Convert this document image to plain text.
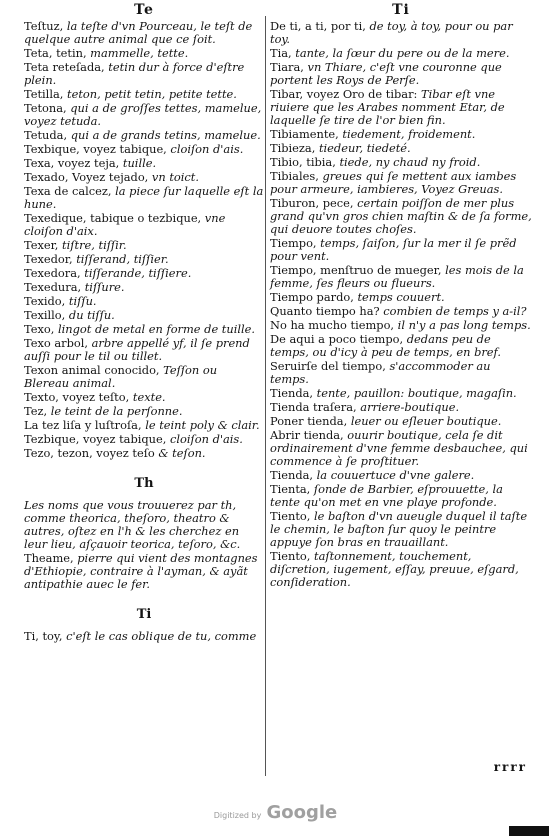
Te
Teſtuz, la teſte d'vn Pourceau, le teſt de quelque autre animal que ce ſoit.
Teta, tetin, mammelle, tette.
Teta reteſada, tetin dur à force d'eſtre plein.
Tetilla, teton, petit tetin, petite tette.
Tetona, qui a de groſſes tettes, mamelue, voyez tetuda.
Tetuda, qui a de grands tetins, mamelue.
Texbique, voyez tabique, cloiſon d'ais.
Texa, voyez teja, tuille.
Texado, Voyez tejado, vn toict.
Texa de calcez, la piece ſur laquelle eſt la hune.
Texedique, tabique o tezbique, vne cloiſon d'aix.
Texer, tiſtre, tiſſir.
Texedor, tiſſerand, tiſſier.
Texedora, tiſſerande, tiſſiere.
Texedura, tiſſure.
Texido, tiſſu.
Texillo, du tiſſu.
Texo, lingot de metal en forme de tuille.
Texo arbol, arbre appellé yf, il ſe prend auſſi pour le til ou tillet.
Texon animal conocido, Teſſon ou Blereau animal.
Texto, voyez teſto, texte.
Tez, le teint de la perſonne.
La tez liſa y luſtroſa, le teint poly & clair.
Tezbique, voyez tabique, cloiſon d'ais.
Tezo, tezon, voyez teſo & teſon.
Th
Les noms que vous trouuerez par th, comme theorica, theſoro, theatro & autres, oſtez en l'h & les cherchez en leur lieu, aſçauoir teorica, teſoro, &c.
Theame, pierre qui vient des montagnes d'Ethiopie, contraire à l'ayman, & ayãt antipathie auec le fer.
Ti
Ti, toy, c'eſt le cas oblique de tu, comme
Ti
De ti, a ti, por ti, de toy, à toy, pour ou par toy.
Tia, tante, la ſœur du pere ou de la mere.
Tiara, vn Thiare, c'eſt vne couronne que portent les Roys de Perſe.
Tibar, voyez Oro de tibar: Tibar eſt vne riuiere que les Arabes nomment Etar, de laquelle ſe tire de l'or bien fin.
Tibiamente, tiedement, froidement.
Tibieza, tiedeur, tiedeté.
Tibio, tibia, tiede, ny chaud ny froid.
Tibiales, greues qui ſe mettent aux iambes pour armeure, iambieres, Voyez Greuas.
Tiburon, pece, certain poiſſon de mer plus grand qu'vn gros chien maſtin & de ſa forme, qui deuore toutes choſes.
Tiempo, temps, ſaiſon, ſur la mer il ſe prẽd pour vent.
Tiempo, menſtruo de mueger, les mois de la femme, ſes fleurs ou flueurs.
Tiempo pardo, temps couuert.
Quanto tiempo ha? combien de temps y a-il?
No ha mucho tiempo, il n'y a pas long temps.
De aqui a poco tiempo, dedans peu de temps, ou d'icy à peu de temps, en bref.
Seruirſe del tiempo, s'accommoder au temps.
Tienda, tente, pauillon: boutique, magaſin.
Tienda traſera, arriere-boutique.
Poner tienda, leuer ou eſleuer boutique.
Abrir tienda, ouurir boutique, cela ſe dit ordinairement d'vne femme desbauchee, qui commence à ſe proſtituer.
Tienda, la couuertuce d'vne galere.
Tienta, ſonde de Barbier, eſprouuette, la tente qu'on met en vne playe profonde.
Tiento, le baſton d'vn aueugle duquel il taſte le chemin, le baſton ſur quoy le peintre appuye ſon bras en trauaillant.
Tiento, taſtonnement, touchement, diſcretion, iugement, eſſay, preuue, eſgard, conſideration.
rrrr
Digitized by Google
